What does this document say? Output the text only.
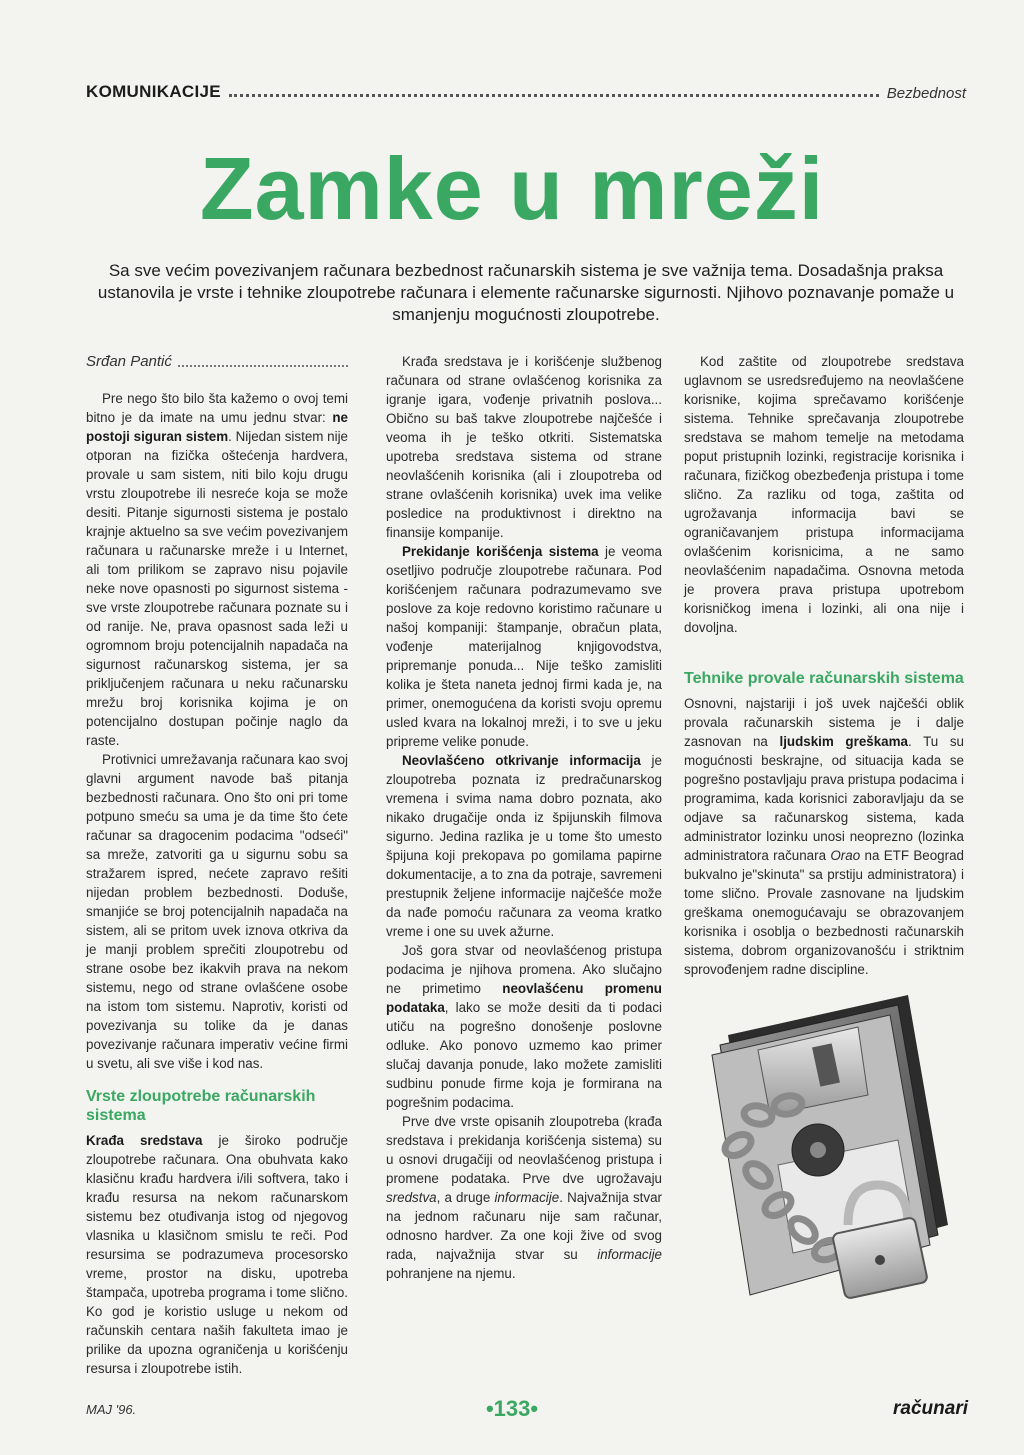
KOMUNIKACIJE	Bezbednost
Zamke u mreži

Sa sve većim povezivanjem računara bezbednost računarskih sistema je sve važnija tema. Dosadašnja praksa ustanovila je vrste i tehnike zloupotrebe računara i elemente računarske sigurnosti. Njihovo poznavanje pomaže u smanjenju mogućnosti zloupotrebe.

Srđan Pantić

Pre nego što bilo šta kažemo o ovoj temi bitno je da imate na umu jednu stvar: ne postoji siguran sistem. Nijedan sistem nije otporan na fizička oštećenja hardvera, provale u sam sistem, niti bilo koju drugu vrstu zloupotrebe ili nesreće koja se može desiti. Pitanje sigurnosti sistema je postalo krajnje aktuelno sa sve većim povezivanjem računara u računarske mreže i u Internet, ali tom prilikom se zapravo nisu pojavile neke nove opasnosti po sigurnost sistema - sve vrste zloupotrebe računara poznate su i od ranije. Ne, prava opasnost sada leži u ogromnom broju potencijalnih napadača na sigurnost računarskog sistema, jer sa priključenjem računara u neku računarsku mrežu broj korisnika kojima je on potencijalno dostupan počinje naglo da raste.

Protivnici umrežavanja računara kao svoj glavni argument navode baš pitanja bezbednosti računara. Ono što oni pri tome potpuno smeću sa uma je da time što ćete računar sa dragocenim podacima "odseći" sa mreže, zatvoriti ga u sigurnu sobu sa stražarem ispred, nećete zapravo rešiti nijedan problem bezbednosti. Doduše, smanjiće se broj potencijalnih napadača na sistem, ali se pritom uvek iznova otkriva da je manji problem sprečiti zloupotrebu od strane osobe bez ikakvih prava na nekom sistemu, nego od strane ovlašćene osobe na istom tom sistemu. Naprotiv, koristi od povezivanja su tolike da je danas povezivanje računara imperativ većine firmi u svetu, ali sve više i kod nas.

Vrste zloupotrebe računarskih sistema

Krađa sredstava je široko područje zloupotrebe računara. Ona obuhvata kako klasičnu krađu hardvera i/ili softvera, tako i krađu resursa na nekom računarskom sistemu bez otuđivanja istog od njegovog vlasnika u klasičnom smislu te reči. Pod resursima se podrazumeva procesorsko vreme, prostor na disku, upotreba štampača, upotreba programa i tome slično. Ko god je koristio usluge u nekom od računskih centara naših fakulteta imao je prilike da upozna ograničenja u korišćenju resursa i zloupotrebe istih.

Krađa sredstava je i korišćenje službenog računara od strane ovlašćenog korisnika za igranje igara, vođenje privatnih poslova... Obično su baš takve zloupotrebe najčešće i veoma ih je teško otkriti. Sistematska upotreba sredstava sistema od strane neovlašćenih korisnika (ali i zloupotreba od strane ovlašćenih korisnika) uvek ima velike posledice na produktivnost i direktno na finansije kompanije.

Prekidanje korišćenja sistema je veoma osetljivo područje zloupotrebe računara. Pod korišćenjem računara podrazumevamo sve poslove za koje redovno koristimo računare u našoj kompaniji: štampanje, obračun plata, vođenje materijalnog knjigovodstva, pripremanje ponuda... Nije teško zamisliti kolika je šteta naneta jednoj firmi kada je, na primer, onemogućena da koristi svoju opremu usled kvara na lokalnoj mreži, i to sve u jeku pripreme velike ponude.

Neovlašćeno otkrivanje informacija je zloupotreba poznata iz predračunarskog vremena i svima nama dobro poznata, ako nikako drugačije onda iz špijunskih filmova sigurno. Jedina razlika je u tome što umesto špijuna koji prekopava po gomilama papirne dokumentacije, a to zna da potraje, savremeni prestupnik željene informacije najčešće može da nađe pomoću računara za veoma kratko vreme i one su uvek ažurne.

Još gora stvar od neovlašćenog pristupa podacima je njihova promena. Ako slučajno ne primetimo neovlašćenu promenu podataka, lako se može desiti da ti podaci utiču na pogrešno donošenje poslovne odluke. Ako ponovo uzmemo kao primer slučaj davanja ponude, lako možete zamisliti sudbinu ponude firme koja je formirana na pogrešnim podacima.

Prve dve vrste opisanih zloupotreba (krađa sredstava i prekidanja korišćenja sistema) su u osnovi drugačiji od neovlašćenog pristupa i promene podataka. Prve dve ugrožavaju sredstva, a druge informacije. Najvažnija stvar na jednom računaru nije sam računar, odnosno hardver. Za one koji žive od svog rada, najvažnija stvar su informacije pohranjene na njemu.

Kod zaštite od zloupotrebe sredstava uglavnom se usredsređujemo na neovlašćene korisnike, kojima sprečavamo korišćenje sistema. Tehnike sprečavanja zloupotrebe sredstava se mahom temelje na metodama poput pristupnih lozinki, registracije korisnika i računara, fizičkog obezbeđenja pristupa i tome slično. Za razliku od toga, zaštita od ugrožavanja informacija bavi se ograničavanjem pristupa informacijama ovlašćenim korisnicima, a ne samo neovlašćenim napadačima. Osnovna metoda je provera prava pristupa upotrebom korisničkog imena i lozinki, ali ona nije i dovoljna.

Tehnike provale računarskih sistema

Osnovni, najstariji i još uvek najčešći oblik provala računarskih sistema je i dalje zasnovan na ljudskim greškama. Tu su mogućnosti beskrajne, od situacija kada se pogrešno postavljaju prava pristupa podacima i programima, kada korisnici zaboravljaju da se odjave sa računarskog sistema, kada administrator lozinku unosi neoprezno (lozinka administratora računara Orao na ETF Beograd bukvalno je"skinuta" sa prstiju administratora) i tome slično. Provale zasnovane na ljudskim greškama onemogućavaju se obrazovanjem korisnika i osoblja o bezbednosti računarskih sistema, dobrom organizovanošću i striktnim sprovođenjem radne discipline.

MAJ '96.	•133•	računari
